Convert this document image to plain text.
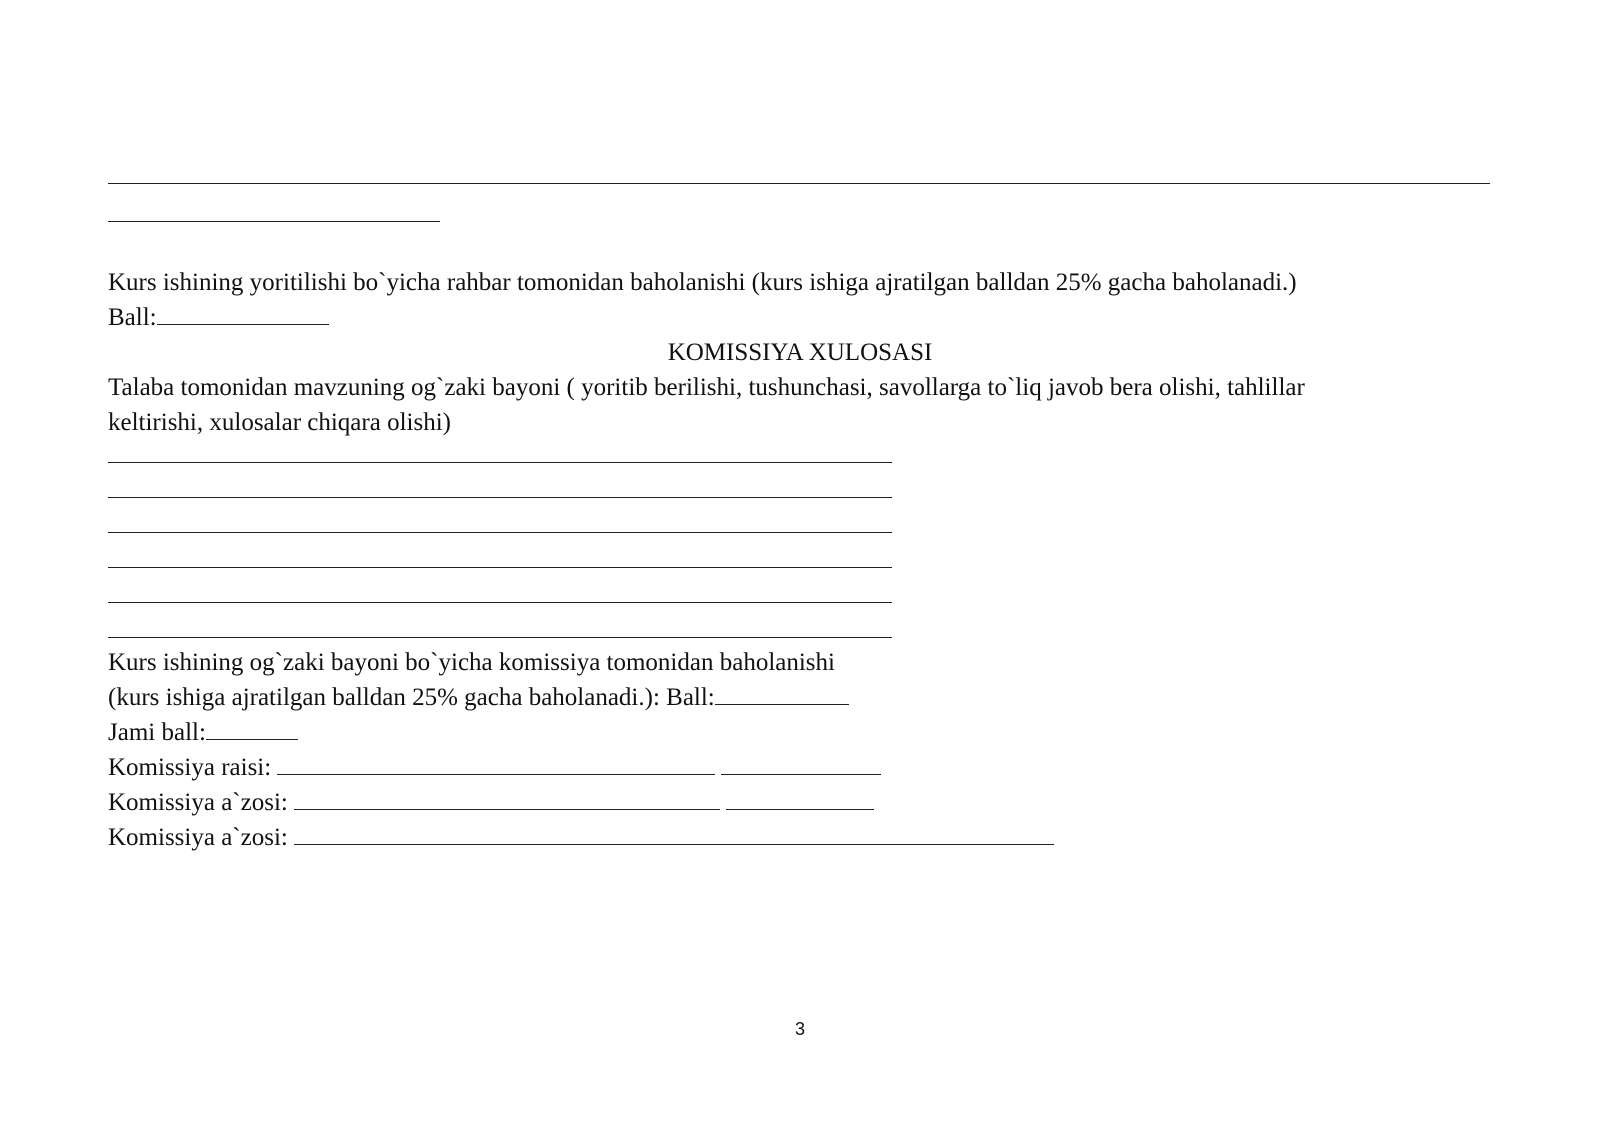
Kurs ishining yoritilishi bo`yicha rahbar tomonidan baholanishi (kurs ishiga ajratilgan balldan 25% gacha baholanadi.)
Ball:
KOMISSIYA XULOSASI
Talaba tomonidan mavzuning og`zaki bayoni ( yoritib berilishi, tushunchasi, savollarga to`liq javob bera olishi, tahlillar
keltirishi, xulosalar chiqara olishi)
Kurs ishining og`zaki bayoni bo`yicha komissiya tomonidan baholanishi
(kurs ishiga ajratilgan balldan 25% gacha baholanadi.): Ball:
Jami ball:
Komissiya raisi:
Komissiya a`zosi:
Komissiya a`zosi:
3
